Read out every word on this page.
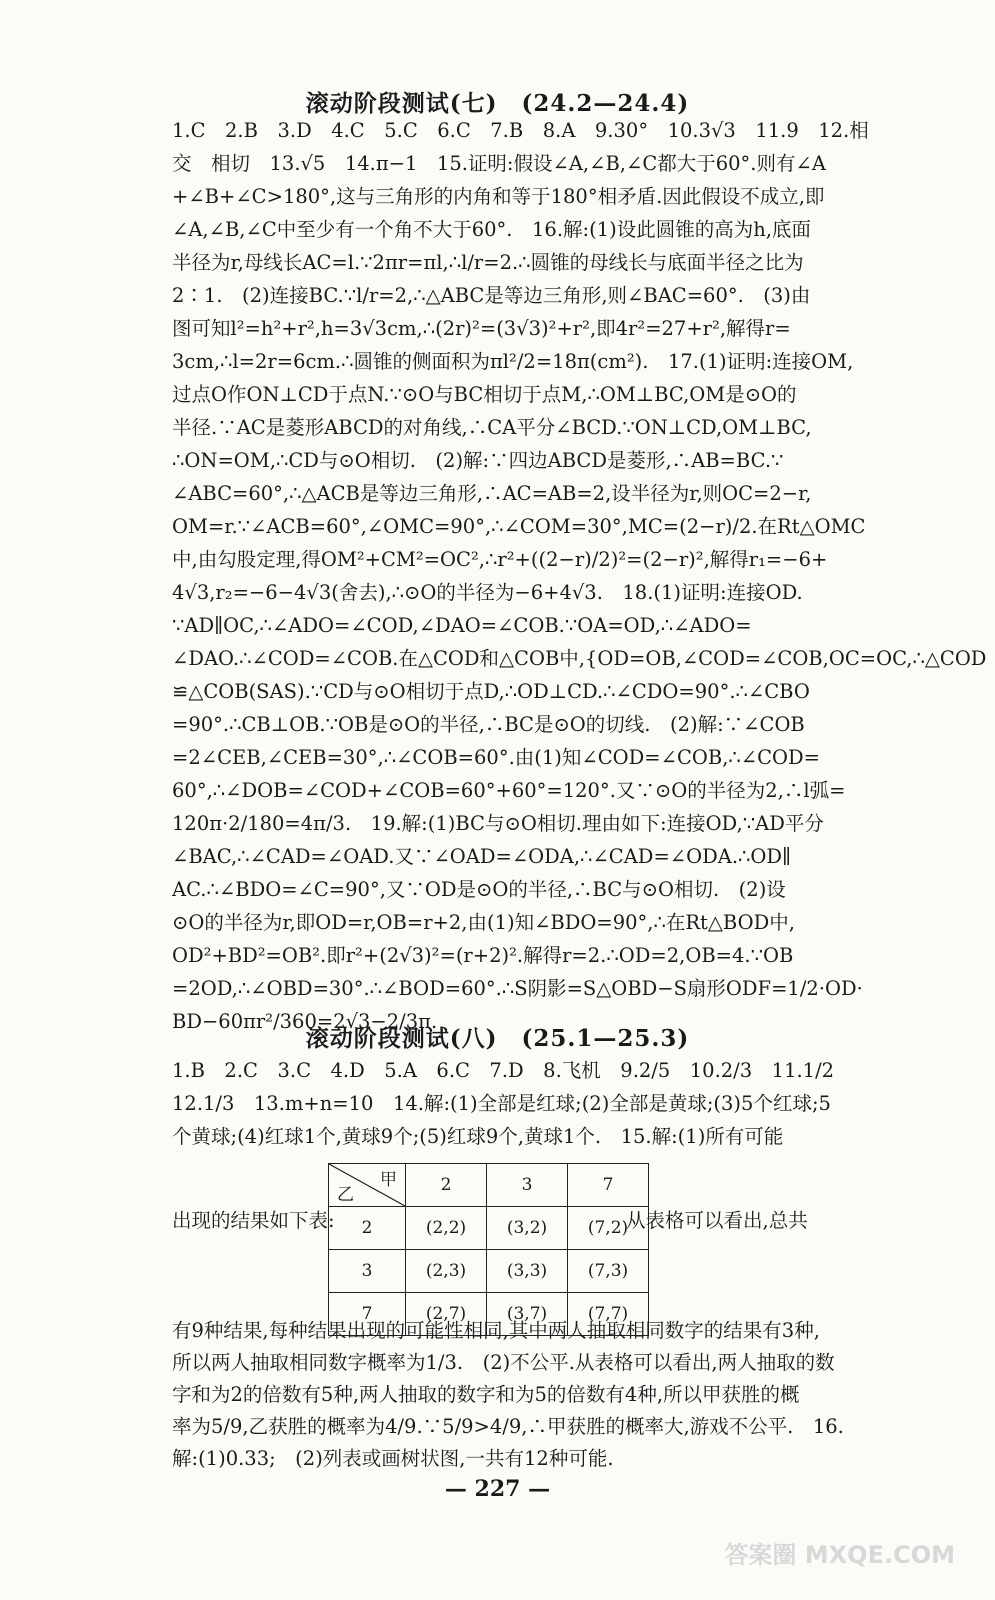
滚动阶段测试(七)　(24.2—24.4)
1.C　2.B　3.D　4.C　5.C　6.C　7.B　8.A　9.30°　10.3√3　11.9　12.相
交　相切　13.√5　14.π−1　15.证明:假设∠A,∠B,∠C都大于60°.则有∠A
+∠B+∠C>180°,这与三角形的内角和等于180°相矛盾.因此假设不成立,即
∠A,∠B,∠C中至少有一个角不大于60°.　16.解:(1)设此圆锥的高为h,底面
半径为r,母线长AC=l.∵2πr=πl,∴l/r=2.∴圆锥的母线长与底面半径之比为
2∶1.　(2)连接BC.∵l/r=2,∴△ABC是等边三角形,则∠BAC=60°.　(3)由
图可知l²=h²+r²,h=3√3cm,∴(2r)²=(3√3)²+r²,即4r²=27+r²,解得r=
3cm,∴l=2r=6cm.∴圆锥的侧面积为πl²/2=18π(cm²).　17.(1)证明:连接OM,
过点O作ON⊥CD于点N.∵⊙O与BC相切于点M,∴OM⊥BC,OM是⊙O的
半径.∵AC是菱形ABCD的对角线,∴CA平分∠BCD.∵ON⊥CD,OM⊥BC,
∴ON=OM,∴CD与⊙O相切.　(2)解:∵四边ABCD是菱形,∴AB=BC.∵
∠ABC=60°,∴△ACB是等边三角形,∴AC=AB=2,设半径为r,则OC=2−r,
OM=r.∵∠ACB=60°,∠OMC=90°,∴∠COM=30°,MC=(2−r)/2.在Rt△OMC
中,由勾股定理,得OM²+CM²=OC²,∴r²+((2−r)/2)²=(2−r)²,解得r₁=−6+
4√3,r₂=−6−4√3(舍去),∴⊙O的半径为−6+4√3.　18.(1)证明:连接OD.
∵AD∥OC,∴∠ADO=∠COD,∠DAO=∠COB.∵OA=OD,∴∠ADO=
∠DAO.∴∠COD=∠COB.在△COD和△COB中,{OD=OB,∠COD=∠COB,OC=OC,∴△COD
≌△COB(SAS).∵CD与⊙O相切于点D,∴OD⊥CD.∴∠CDO=90°.∴∠CBO
=90°.∴CB⊥OB.∵OB是⊙O的半径,∴BC是⊙O的切线.　(2)解:∵∠COB
=2∠CEB,∠CEB=30°,∴∠COB=60°.由(1)知∠COD=∠COB,∴∠COD=
60°,∴∠DOB=∠COD+∠COB=60°+60°=120°.又∵⊙O的半径为2,∴l弧=
120π·2/180=4π/3.　19.解:(1)BC与⊙O相切.理由如下:连接OD,∵AD平分
∠BAC,∴∠CAD=∠OAD.又∵∠OAD=∠ODA,∴∠CAD=∠ODA.∴OD∥
AC.∴∠BDO=∠C=90°,又∵OD是⊙O的半径,∴BC与⊙O相切.　(2)设
⊙O的半径为r,即OD=r,OB=r+2,由(1)知∠BDO=90°,∴在Rt△BOD中,
OD²+BD²=OB².即r²+(2√3)²=(r+2)².解得r=2.∴OD=2,OB=4.∵OB
=2OD,∴∠OBD=30°.∴∠BOD=60°.∴S阴影=S△OBD−S扇形ODF=1/2·OD·
BD−60πr²/360=2√3−2/3π.
滚动阶段测试(八)　(25.1—25.3)
1.B　2.C　3.C　4.D　5.A　6.C　7.D　8.飞机　9.2/5　10.2/3　11.1/2
12.1/3　13.m+n=10　14.解:(1)全部是红球;(2)全部是黄球;(3)5个红球;5
个黄球;(4)红球1个,黄球9个;(5)红球9个,黄球1个.　15.解:(1)所有可能
出现的结果如下表:
甲
乙	2	3	7
2	(2,2)	(3,2)	(7,2)
3	(2,3)	(3,3)	(7,3)
7	(2,7)	(3,7)	(7,7)
从表格可以看出,总共
有9种结果,每种结果出现的可能性相同,其中两人抽取相同数字的结果有3种,
所以两人抽取相同数字概率为1/3.　(2)不公平.从表格可以看出,两人抽取的数
字和为2的倍数有5种,两人抽取的数字和为5的倍数有4种,所以甲获胜的概
率为5/9,乙获胜的概率为4/9.∵5/9>4/9,∴甲获胜的概率大,游戏不公平.　16.
解:(1)0.33;　(2)列表或画树状图,一共有12种可能.
— 227 —
答案圈 MXQE.COM
